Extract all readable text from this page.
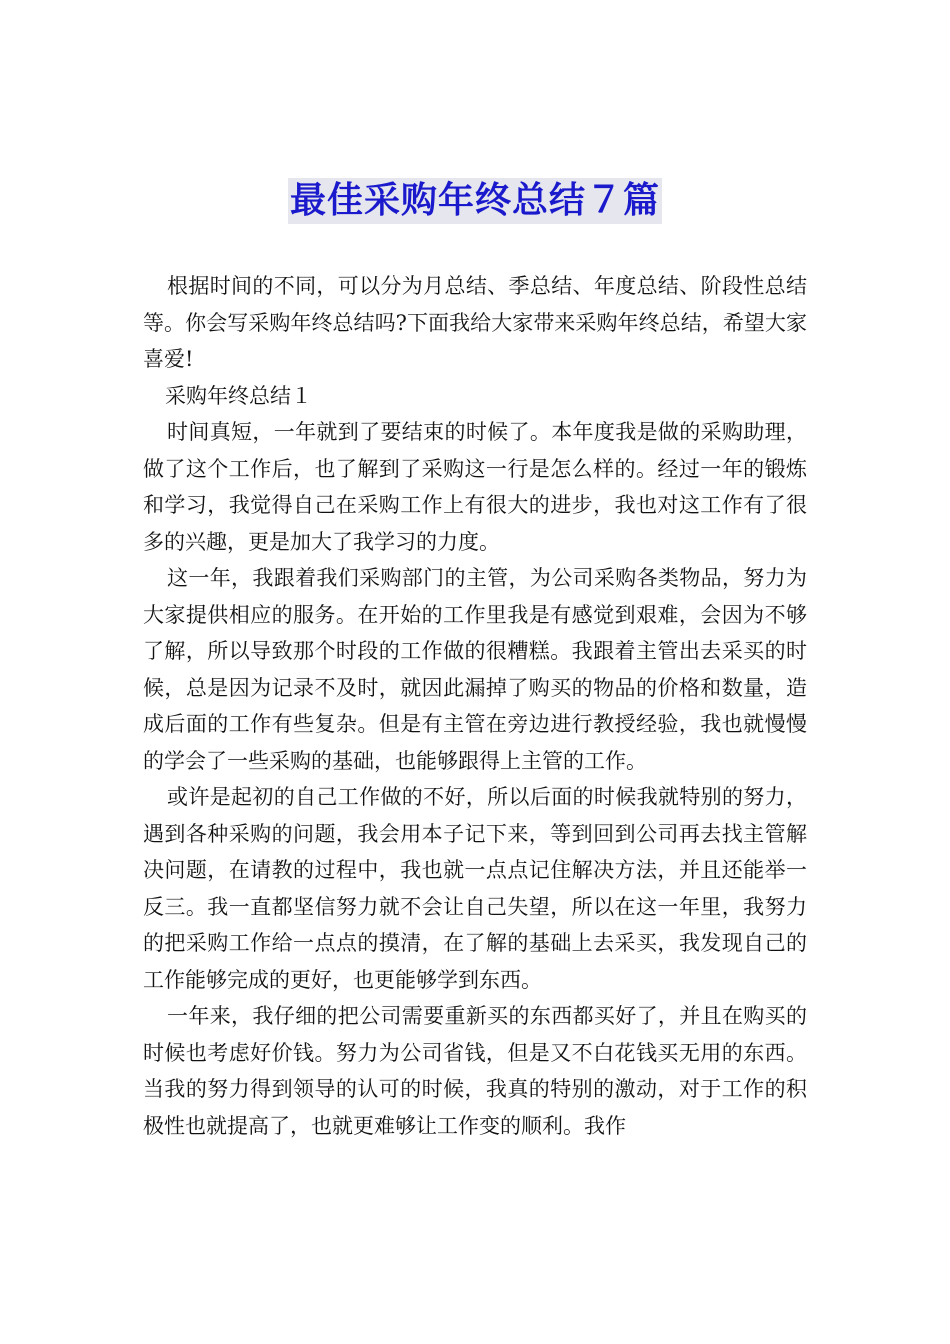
最佳采购年终总结７篇

根据时间的不同，可以分为月总结、季总结、年度总结、阶段性总结等。你会写采购年终总结吗?下面我给大家带来采购年终总结，希望大家喜爱!

采购年终总结１

时间真短，一年就到了要结束的时候了。本年度我是做的采购助理，做了这个工作后，也了解到了采购这一行是怎么样的。经过一年的锻炼和学习，我觉得自己在采购工作上有很大的进步，我也对这工作有了很多的兴趣，更是加大了我学习的力度。

这一年，我跟着我们采购部门的主管，为公司采购各类物品，努力为大家提供相应的服务。在开始的工作里我是有感觉到艰难，会因为不够了解，所以导致那个时段的工作做的很糟糕。我跟着主管出去采买的时候，总是因为记录不及时，就因此漏掉了购买的物品的价格和数量，造成后面的工作有些复杂。但是有主管在旁边进行教授经验，我也就慢慢的学会了一些采购的基础，也能够跟得上主管的工作。

或许是起初的自己工作做的不好，所以后面的时候我就特别的努力，遇到各种采购的问题，我会用本子记下来，等到回到公司再去找主管解决问题，在请教的过程中，我也就一点点记住解决方法，并且还能举一反三。我一直都坚信努力就不会让自己失望，所以在这一年里，我努力的把采购工作给一点点的摸清，在了解的基础上去采买，我发现自己的工作能够完成的更好，也更能够学到东西。

一年来，我仔细的把公司需要重新买的东西都买好了，并且在购买的时候也考虑好价钱。努力为公司省钱，但是又不白花钱买无用的东西。当我的努力得到领导的认可的时候，我真的特别的激动，对于工作的积极性也就提高了，也就更难够让工作变的顺利。我作
